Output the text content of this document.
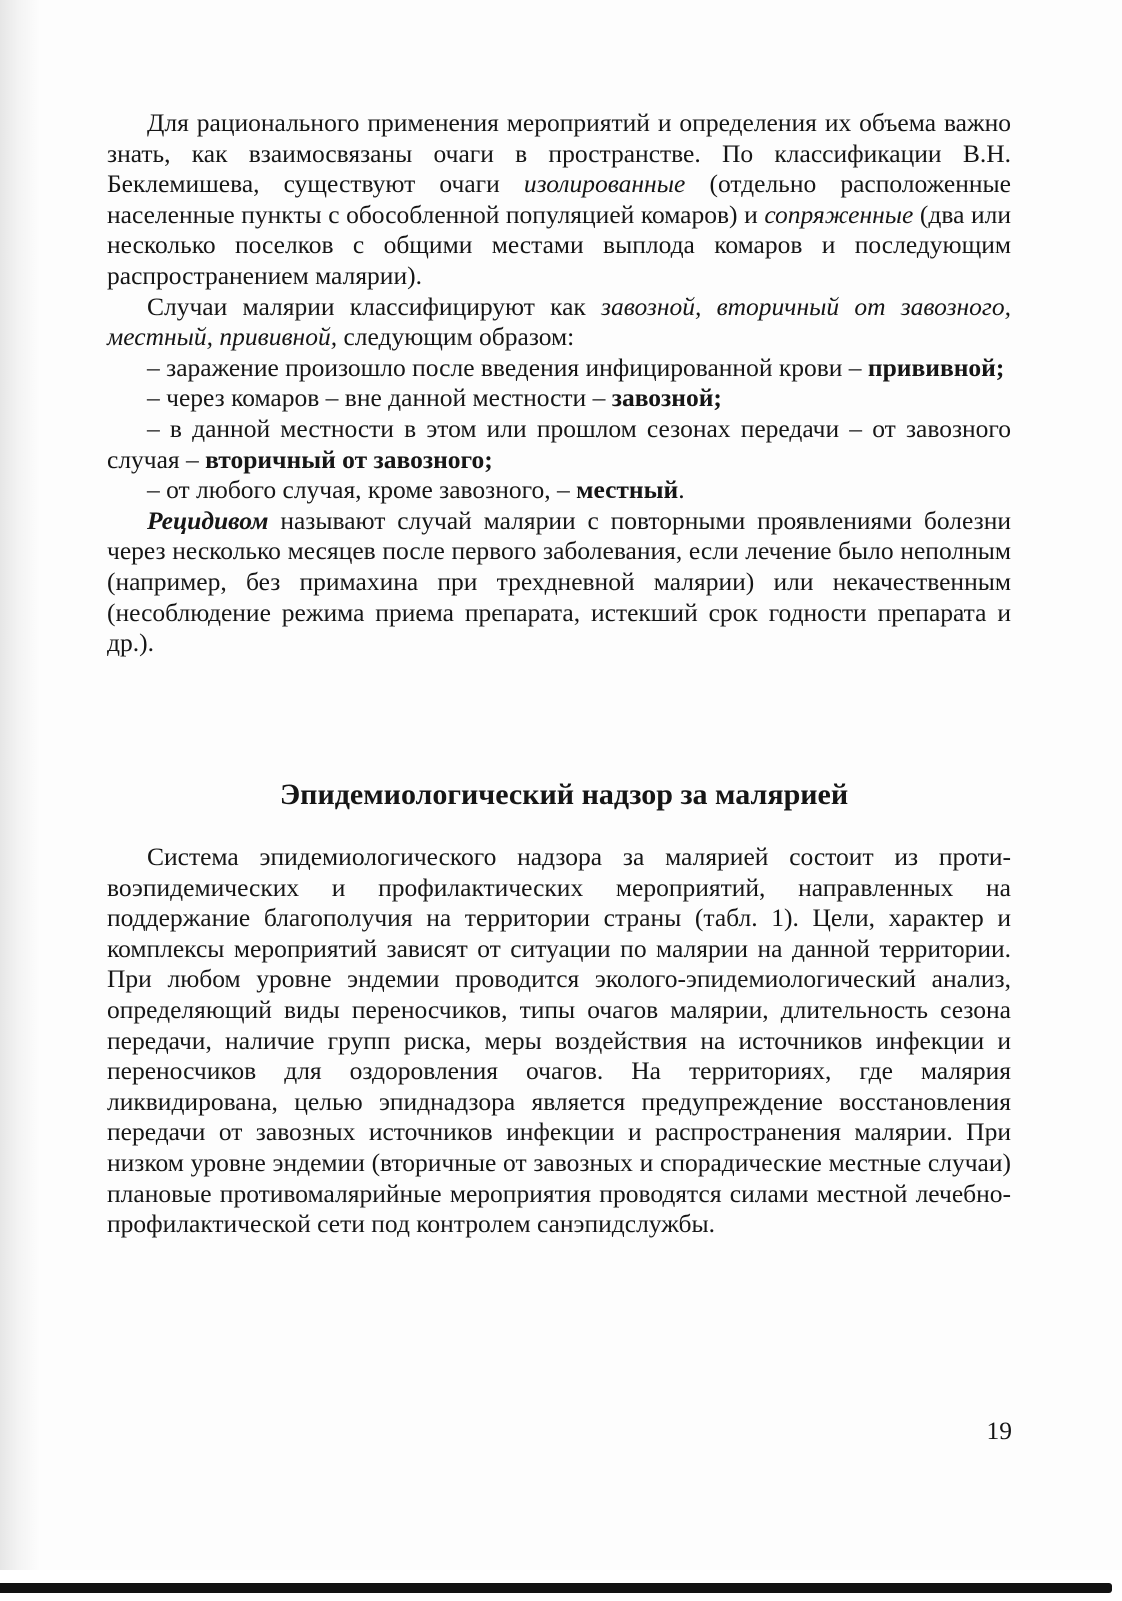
Для рационального применения мероприятий и определения их объема важно знать, как взаимосвязаны очаги в пространстве. По классификации В.Н. Беклемишева, существуют очаги изолированные (отдельно расположенные населенные пункты с обособленной популяцией комаров) и сопряженные (два или несколько поселков с общими местами выплода комаров и последующим распространением малярии).

Случаи малярии классифицируют как завозной, вторичный от завозного, местный, прививной, следующим образом:

– заражение произошло после введения инфицированной крови – прививной;

– через комаров – вне данной местности – завозной;

– в данной местности в этом или прошлом сезонах передачи – от завозного случая – вторичный от завозного;

– от любого случая, кроме завозного, – местный.

Рецидивом называют случай малярии с повторными проявлениями болезни через несколько месяцев после первого заболевания, если лечение было неполным (например, без примахина при трехдневной малярии) или некачественным (несоблюдение режима приема препарата, истекший срок годности препарата и др.).

Эпидемиологический надзор за малярией

Система эпидемиологического надзора за малярией состоит из противоэпидемических и профилактических мероприятий, направленных на поддержание благополучия на территории страны (табл. 1). Цели, характер и комплексы мероприятий зависят от ситуации по малярии на данной территории. При любом уровне эндемии проводится эколого-эпидемиологический анализ, определяющий виды переносчиков, типы очагов малярии, длительность сезона передачи, наличие групп риска, меры воздействия на источников инфекции и переносчиков для оздоровления очагов. На территориях, где малярия ликвидирована, целью эпиднадзора является предупреждение восстановления передачи от завозных источников инфекции и распространения малярии. При низком уровне эндемии (вторичные от завозных и спорадические местные случаи) плановые противомалярийные мероприятия проводятся силами местной лечебно-профилактической сети под контролем санэпидслужбы.

19
